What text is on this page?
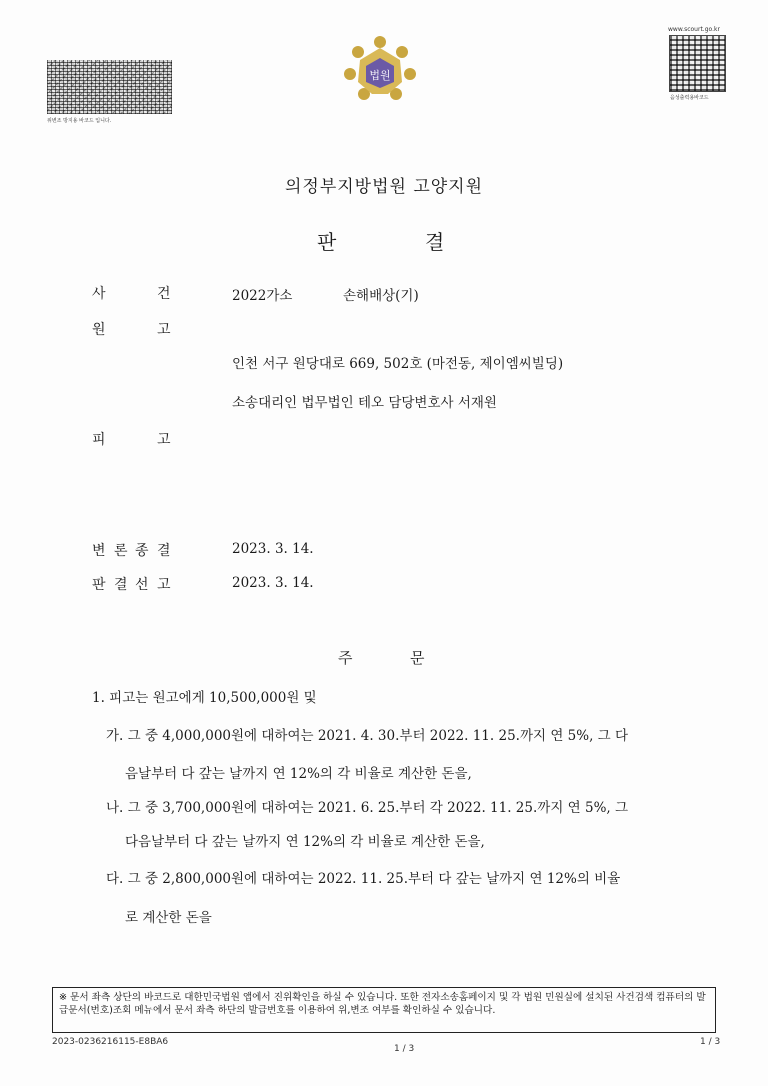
위변조 방지용 바코드 입니다.
법원
www.scourt.go.kr
음성출력용바코드
의정부지방법원 고양지원
판	결
사	건	2022가소	손해배상(기)
원	고
인천 서구 원당대로 669, 502호 (마전동, 제이엠씨빌딩)
소송대리인 법무법인 테오 담당변호사 서재원
피	고
변 론 종 결	2023. 3. 14.
판 결 선 고	2023. 3. 14.
주	문
1. 피고는 원고에게 10,500,000원 및
가. 그 중 4,000,000원에 대하여는 2021. 4. 30.부터 2022. 11. 25.까지 연 5%, 그 다
음날부터 다 갚는 날까지 연 12%의 각 비율로 계산한 돈을,
나. 그 중 3,700,000원에 대하여는 2021. 6. 25.부터 각 2022. 11. 25.까지 연 5%, 그
다음날부터 다 갚는 날까지 연 12%의 각 비율로 계산한 돈을,
다. 그 중 2,800,000원에 대하여는 2022. 11. 25.부터 다 갚는 날까지 연 12%의 비율
로 계산한 돈을
※ 문서 좌측 상단의 바코드로 대한민국법원 앱에서 진위확인을 하실 수 있습니다. 또한 전자소송홈페이지 및 각 법원 민원실에 설치된 사건검색 컴퓨터의 발급문서(번호)조회 메뉴에서 문서 좌측 하단의 발급번호를 이용하여 위,변조 여부를 확인하실 수 있습니다.
2023-0236216115-E8BA6
1 / 3
1 / 3
